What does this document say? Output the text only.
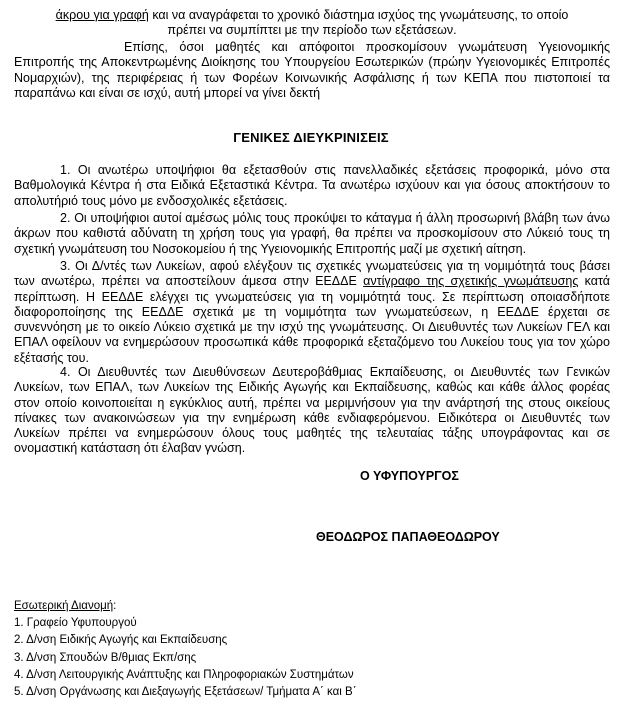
άκρου για γραφή και να αναγράφεται το χρονικό διάστημα ισχύος της γνωμάτευσης, το οποίο

πρέπει να συμπίπτει με την περίοδο των εξετάσεων.

Επίσης, όσοι μαθητές και απόφοιτοι προσκομίσουν γνωμάτευση Υγειονομικής Επιτροπής της Αποκεντρωμένης Διοίκησης του Υπουργείου Εσωτερικών (πρώην Υγειονομικές Επιτροπές Νομαρχιών), της περιφέρειας ή των Φορέων Κοινωνικής Ασφάλισης ή των ΚΕΠΑ που πιστοποιεί τα παραπάνω και είναι σε ισχύ, αυτή μπορεί να γίνει δεκτή

ΓΕΝΙΚΕΣ ΔΙΕΥΚΡΙΝΙΣΕΙΣ

1. Οι ανωτέρω υποψήφιοι θα εξετασθούν στις πανελλαδικές εξετάσεις προφορικά, μόνο στα Βαθμολογικά Κέντρα ή στα Ειδικά Εξεταστικά Κέντρα. Τα ανωτέρω ισχύουν και για όσους αποκτήσουν το απολυτήριό τους μόνο με ενδοσχολικές εξετάσεις.

2. Οι υποψήφιοι αυτοί αμέσως μόλις τους προκύψει το κάταγμα ή άλλη προσωρινή βλάβη των άνω άκρων που καθιστά αδύνατη τη χρήση τους για γραφή, θα πρέπει να προσκομίσουν στο Λύκειό τους τη σχετική γνωμάτευση του Νοσοκομείου ή της Υγειονομικής Επιτροπής μαζί με σχετική αίτηση.

3. Οι Δ/ντές των Λυκείων, αφού ελέγξουν τις σχετικές γνωματεύσεις για τη νομιμότητά τους βάσει των ανωτέρω, πρέπει να αποστείλουν άμεσα στην ΕΕΔΔΕ αντίγραφο της σχετικής γνωμάτευσης κατά περίπτωση. Η ΕΕΔΔΕ ελέγχει τις γνωματεύσεις για τη νομιμότητά τους. Σε περίπτωση οποιασδήποτε διαφοροποίησης της ΕΕΔΔΕ σχετικά με τη νομιμότητα των γνωματεύσεων, η ΕΕΔΔΕ έρχεται σε συνεννόηση με το οικείο Λύκειο σχετικά με την ισχύ της γνωμάτευσης. Οι Διευθυντές των Λυκείων ΓΕΛ και ΕΠΑΛ οφείλουν να ενημερώσουν προσωπικά κάθε προφορικά εξεταζόμενο του Λυκείου τους για τον χώρο εξέτασής του.

4. Οι Διευθυντές των Διευθύνσεων Δευτεροβάθμιας Εκπαίδευσης, οι Διευθυντές των Γενικών Λυκείων, των ΕΠΑΛ, των Λυκείων της Ειδικής Αγωγής και Εκπαίδευσης, καθώς και κάθε άλλος φορέας στον οποίο κοινοποιείται η εγκύκλιος αυτή, πρέπει να μεριμνήσουν για την ανάρτησή της στους οικείους πίνακες των ανακοινώσεων για την ενημέρωση κάθε ενδιαφερόμενου. Ειδικότερα οι Διευθυντές των Λυκείων πρέπει να ενημερώσουν όλους τους μαθητές της τελευταίας τάξης υπογράφοντας και σε ονομαστική κατάσταση ότι έλαβαν γνώση.

Ο ΥΦΥΠΟΥΡΓΟΣ
ΘΕΟΔΩΡΟΣ ΠΑΠΑΘΕΟΔΩΡΟΥ
Εσωτερική Διανομή:
1. Γραφείο Υφυπουργού
2. Δ/νση Ειδικής Αγωγής και Εκπαίδευσης
3. Δ/νση Σπουδών Β/θμιας Εκπ/σης
4. Δ/νση Λειτουργικής Ανάπτυξης και Πληροφοριακών Συστημάτων
5. Δ/νση Οργάνωσης και Διεξαγωγής Εξετάσεων/ Τμήματα Α΄ και Β΄
